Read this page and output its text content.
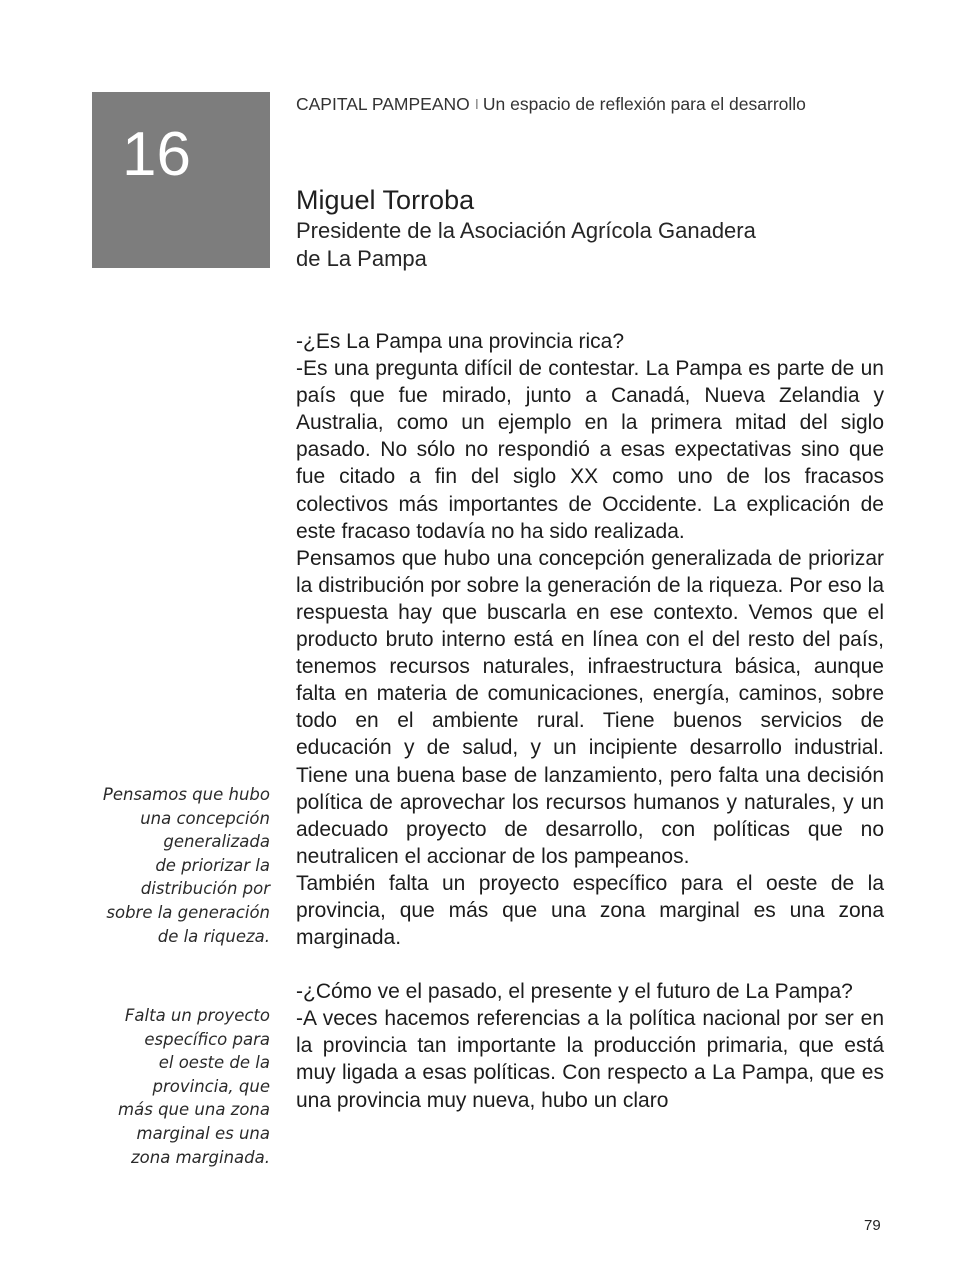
16
CAPITAL PAMPEANO I Un espacio de reflexión para el desarrollo
Miguel Torroba
Presidente de la Asociación Agrícola Ganadera
de La Pampa

-¿Es La Pampa una provincia rica?

-Es una pregunta difícil de contestar. La Pampa es parte de un país que fue mirado, junto a Canadá, Nueva Zelandia y Australia, como un ejemplo en la primera mitad del siglo pasado. No sólo no respondió a esas expectativas sino que fue citado a fin del siglo XX como uno de los fracasos colectivos más importantes de Occidente. La explicación de este fracaso todavía no ha sido realizada.

Pensamos que hubo una concepción generalizada de priorizar la distribución por sobre la generación de la riqueza. Por eso la respuesta hay que buscarla en ese contexto. Vemos que el producto bruto interno está en línea con el del resto del país, tenemos recursos naturales, infraestructura básica, aunque falta en materia de comunicaciones, energía, caminos, sobre todo en el ambiente rural. Tiene buenos servicios de educación y de salud, y un incipiente desarrollo industrial. Tiene una buena base de lanzamiento, pero falta una decisión política de aprovechar los recursos humanos y naturales, y un adecuado proyecto de desarrollo, con políticas que no neutralicen el accionar de los pampeanos.

También falta un proyecto específico para el oeste de la provincia, que más que una zona marginal es una zona marginada.

-¿Cómo ve el pasado, el presente y el futuro de La Pampa?

-A veces hacemos referencias a la política nacional por ser en la provincia tan importante la producción primaria, que está muy ligada a esas políticas. Con respecto a La Pampa, que es una provincia muy nueva, hubo un claro

Pensamos que hubo
una concepción
generalizada
de priorizar la
distribución por
sobre la generación
de la riqueza.
Falta un proyecto
específico para
el oeste de la
provincia, que
más que una zona
marginal es una
zona marginada.
79
